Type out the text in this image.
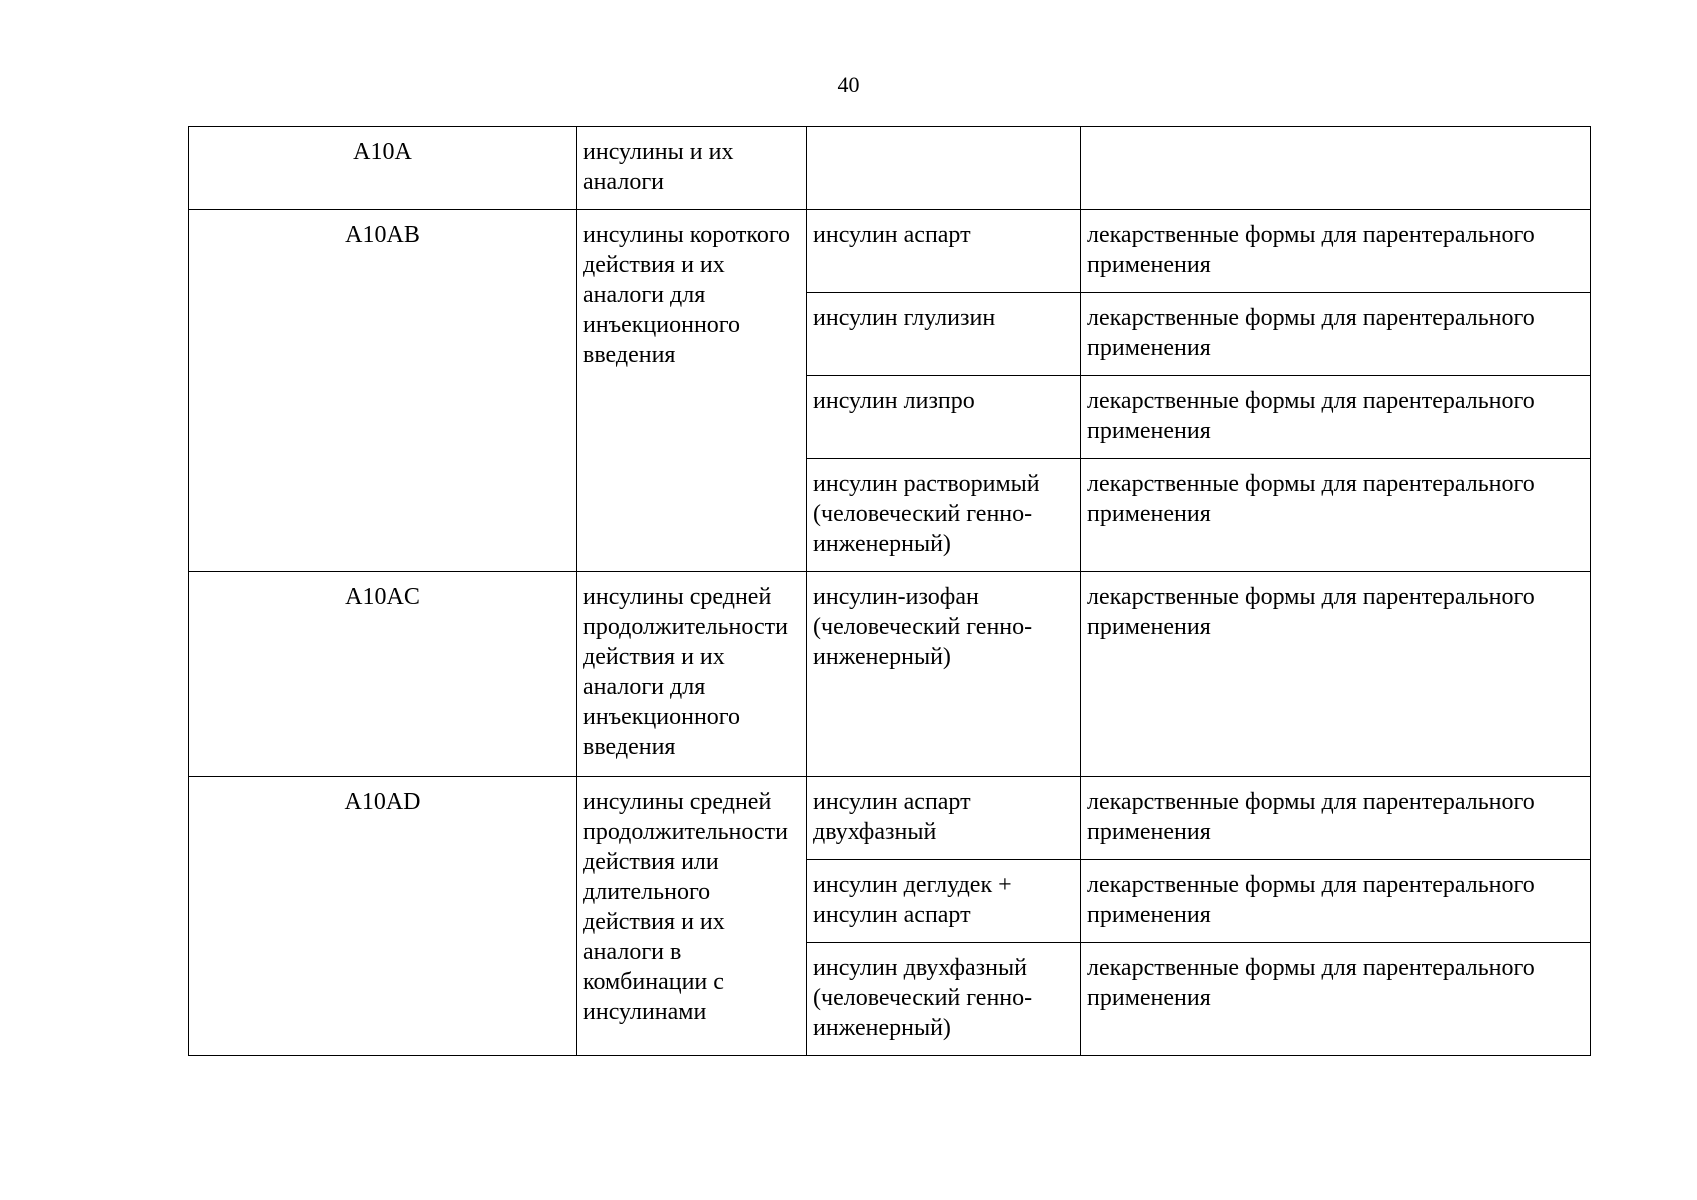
40
A10A	инсулины и их аналоги		

A10AB	инсулины короткого действия и их аналоги для инъекционного введения	инсулин аспарт	лекарственные формы для парентерального применения

		инсулин глулизин	лекарственные формы для парентерального применения

		инсулин лизпро	лекарственные формы для парентерального применения

		инсулин растворимый (человеческий генно-инженерный)	лекарственные формы для парентерального применения

A10AC	инсулины средней продолжительности действия и их аналоги для инъекционного введения	инсулин-изофан (человеческий генно-инженерный)	лекарственные формы для парентерального применения

A10AD	инсулины средней продолжительности действия или длительного действия и их аналоги в комбинации с инсулинами	инсулин аспарт двухфазный	лекарственные формы для парентерального применения

		инсулин деглудек + инсулин аспарт	лекарственные формы для парентерального применения

		инсулин двухфазный (человеческий генно-инженерный)	лекарственные формы для парентерального применения
